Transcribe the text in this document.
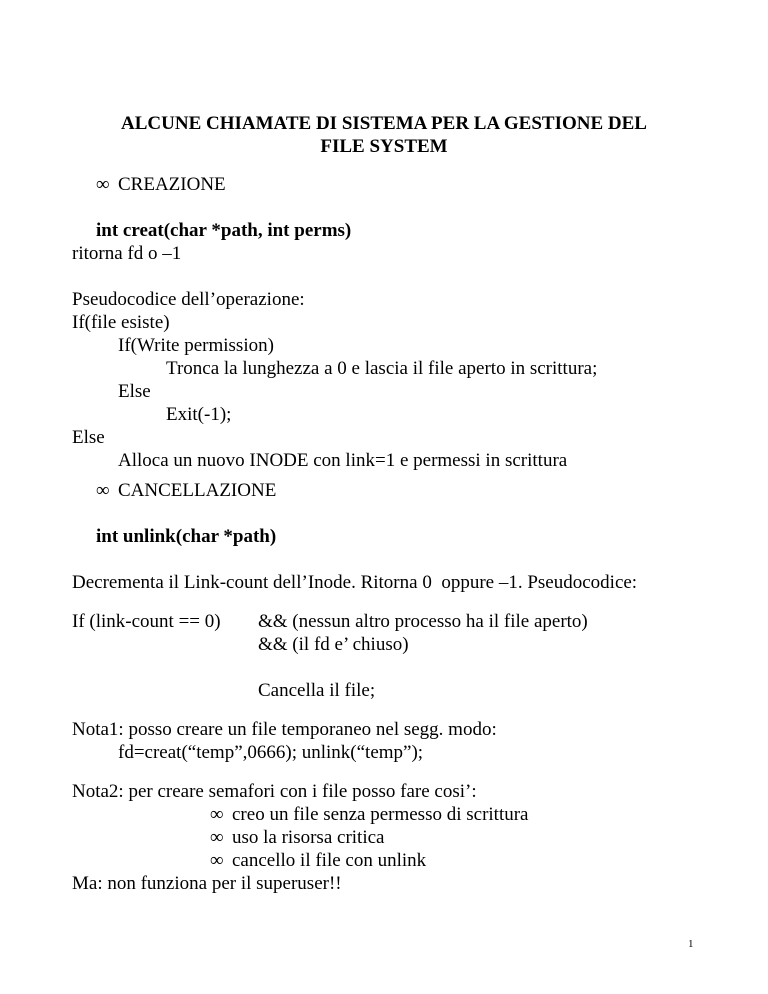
ALCUNE CHIAMATE DI SISTEMA PER LA GESTIONE DEL
FILE SYSTEM
∞ CREAZIONE
int creat(char *path, int perms)
ritorna fd o –1
Pseudocodice dell’operazione:
If(file esiste)
If(Write permission)
Tronca la lunghezza a 0 e lascia il file aperto in scrittura;
Else
Exit(-1);
Else
Alloca un nuovo INODE con link=1 e permessi in scrittura
∞ CANCELLAZIONE
int unlink(char *path)
Decrementa il Link-count dell’Inode. Ritorna 0  oppure –1. Pseudocodice:
If (link-count == 0) && (nessun altro processo ha il file aperto)
&& (il fd e’ chiuso)
Cancella il file;
Nota1: posso creare un file temporaneo nel segg. modo:
fd=creat(“temp”,0666); unlink(“temp”);
Nota2: per creare semafori con i file posso fare cosi’:
∞ creo un file senza permesso di scrittura
∞ uso la risorsa critica
∞ cancello il file con unlink
Ma: non funziona per il superuser!!
1
